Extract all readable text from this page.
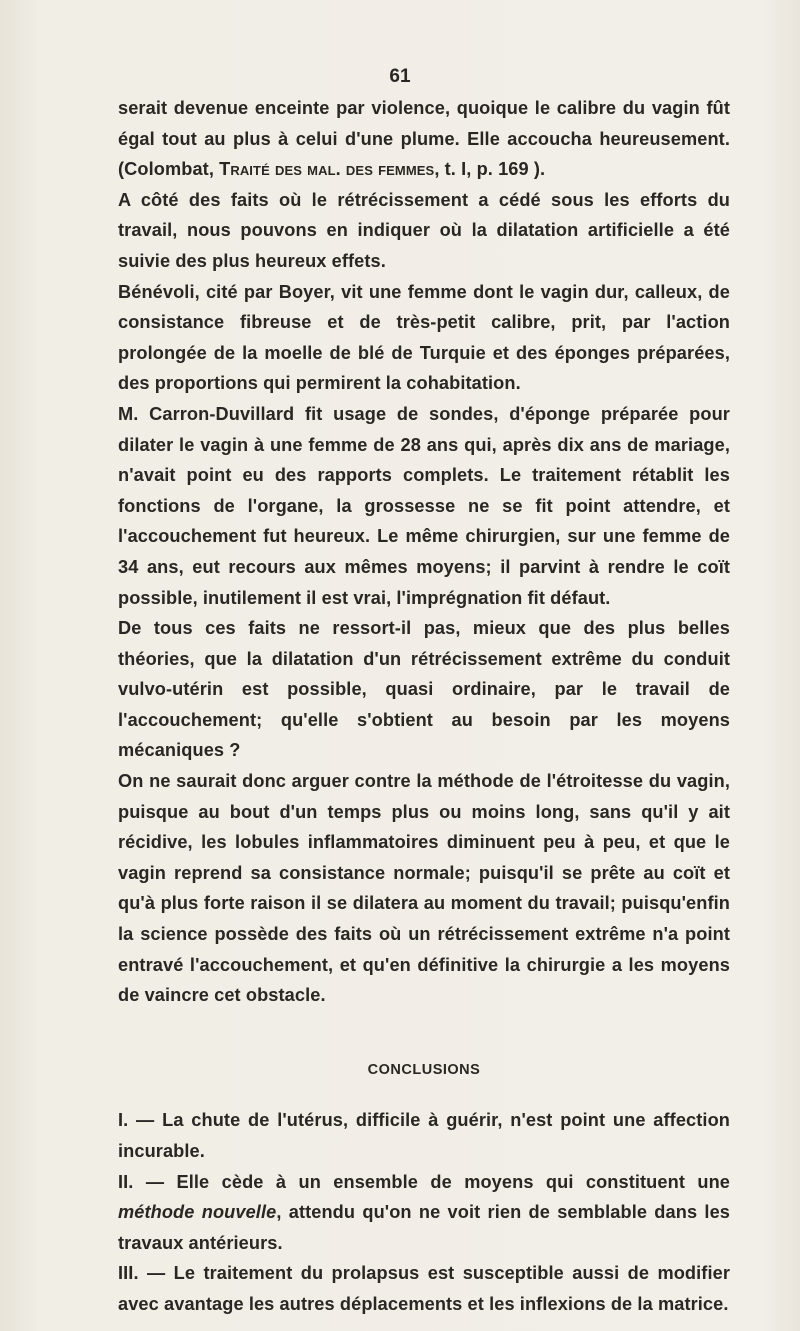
61

serait devenue enceinte par violence, quoique le calibre du vagin fût égal tout au plus à celui d'une plume. Elle accoucha heureusement. (Colombat, Traité des mal. des femmes, t. I, p. 169 ).

A côté des faits où le rétrécissement a cédé sous les efforts du travail, nous pouvons en indiquer où la dilatation artificielle a été suivie des plus heureux effets.

Bénévoli, cité par Boyer, vit une femme dont le vagin dur, calleux, de consistance fibreuse et de très-petit calibre, prit, par l'action prolongée de la moelle de blé de Turquie et des éponges préparées, des proportions qui permirent la cohabitation.

M. Carron-Duvillard fit usage de sondes, d'éponge préparée pour dilater le vagin à une femme de 28 ans qui, après dix ans de mariage, n'avait point eu des rapports complets. Le traitement rétablit les fonctions de l'organe, la grossesse ne se fit point attendre, et l'accouchement fut heureux. Le même chirurgien, sur une femme de 34 ans, eut recours aux mêmes moyens; il parvint à rendre le coït possible, inutilement il est vrai, l'imprégnation fit défaut.

De tous ces faits ne ressort-il pas, mieux que des plus belles théories, que la dilatation d'un rétrécissement extrême du conduit vulvo-utérin est possible, quasi ordinaire, par le travail de l'accouchement; qu'elle s'obtient au besoin par les moyens mécaniques ?

On ne saurait donc arguer contre la méthode de l'étroitesse du vagin, puisque au bout d'un temps plus ou moins long, sans qu'il y ait récidive, les lobules inflammatoires diminuent peu à peu, et que le vagin reprend sa consistance normale; puisqu'il se prête au coït et qu'à plus forte raison il se dilatera au moment du travail; puisqu'enfin la science possède des faits où un rétrécissement extrême n'a point entravé l'accouchement, et qu'en définitive la chirurgie a les moyens de vaincre cet obstacle.

CONCLUSIONS

I. — La chute de l'utérus, difficile à guérir, n'est point une affection incurable.

II. — Elle cède à un ensemble de moyens qui constituent une méthode nouvelle, attendu qu'on ne voit rien de semblable dans les travaux antérieurs.

III. — Le traitement du prolapsus est susceptible aussi de modifier avec avantage les autres déplacements et les inflexions de la matrice.
